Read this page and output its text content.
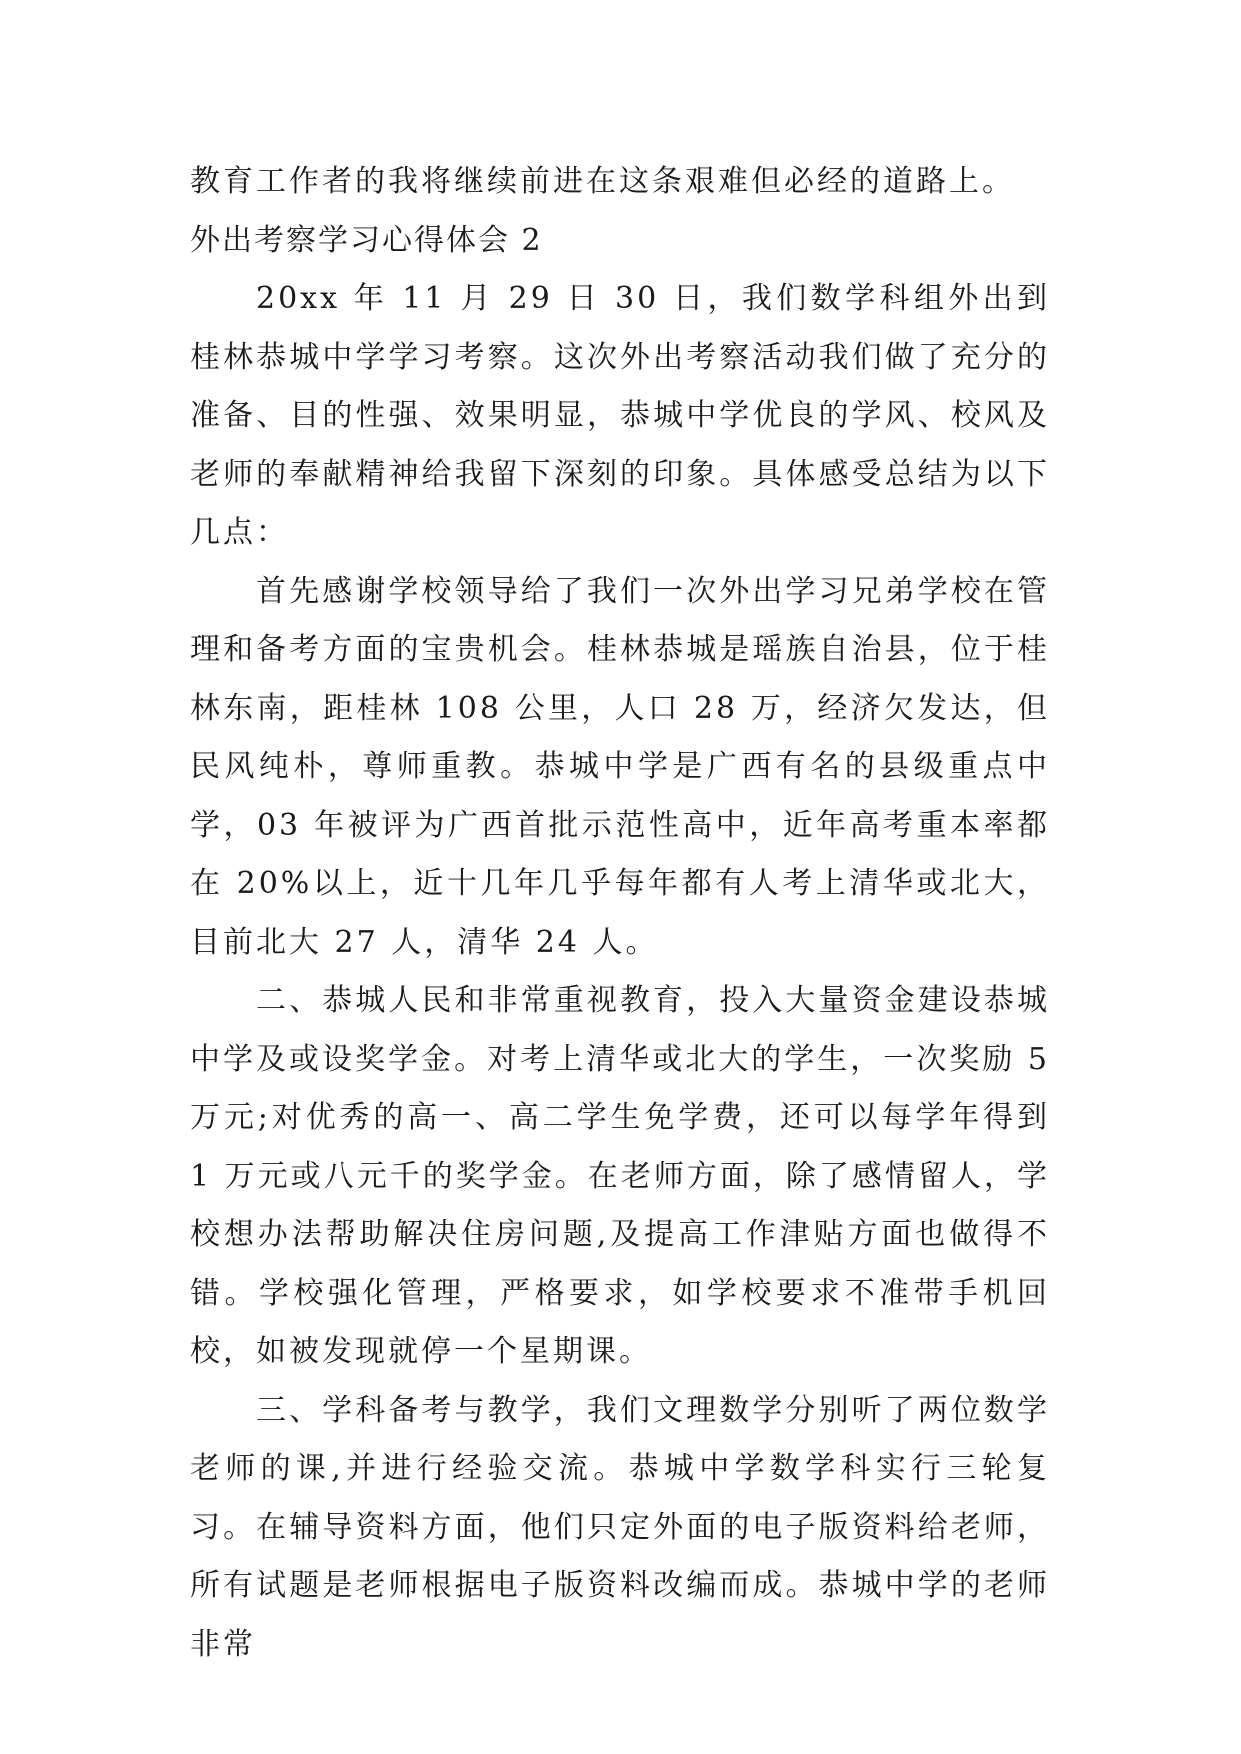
教育工作者的我将继续前进在这条艰难但必经的道路上。

外出考察学习心得体会 2

20xx 年 11 月 29 日 30 日，我们数学科组外出到桂林恭城中学学习考察。这次外出考察活动我们做了充分的准备、目的性强、效果明显，恭城中学优良的学风、校风及老师的奉献精神给我留下深刻的印象。具体感受总结为以下几点：

首先感谢学校领导给了我们一次外出学习兄弟学校在管理和备考方面的宝贵机会。桂林恭城是瑶族自治县，位于桂林东南，距桂林 108 公里，人口 28 万，经济欠发达，但民风纯朴，尊师重教。恭城中学是广西有名的县级重点中学，03 年被评为广西首批示范性高中，近年高考重本率都在 20%以上，近十几年几乎每年都有人考上清华或北大，目前北大 27 人，清华 24 人。

二、恭城人民和非常重视教育，投入大量资金建设恭城中学及或设奖学金。对考上清华或北大的学生，一次奖励 5 万元;对优秀的高一、高二学生免学费，还可以每学年得到 1 万元或八元千的奖学金。在老师方面，除了感情留人，学校想办法帮助解决住房问题,及提高工作津贴方面也做得不错。学校强化管理，严格要求，如学校要求不准带手机回校，如被发现就停一个星期课。

三、学科备考与教学，我们文理数学分别听了两位数学老师的课,并进行经验交流。恭城中学数学科实行三轮复习。在辅导资料方面，他们只定外面的电子版资料给老师，所有试题是老师根据电子版资料改编而成。恭城中学的老师非常
